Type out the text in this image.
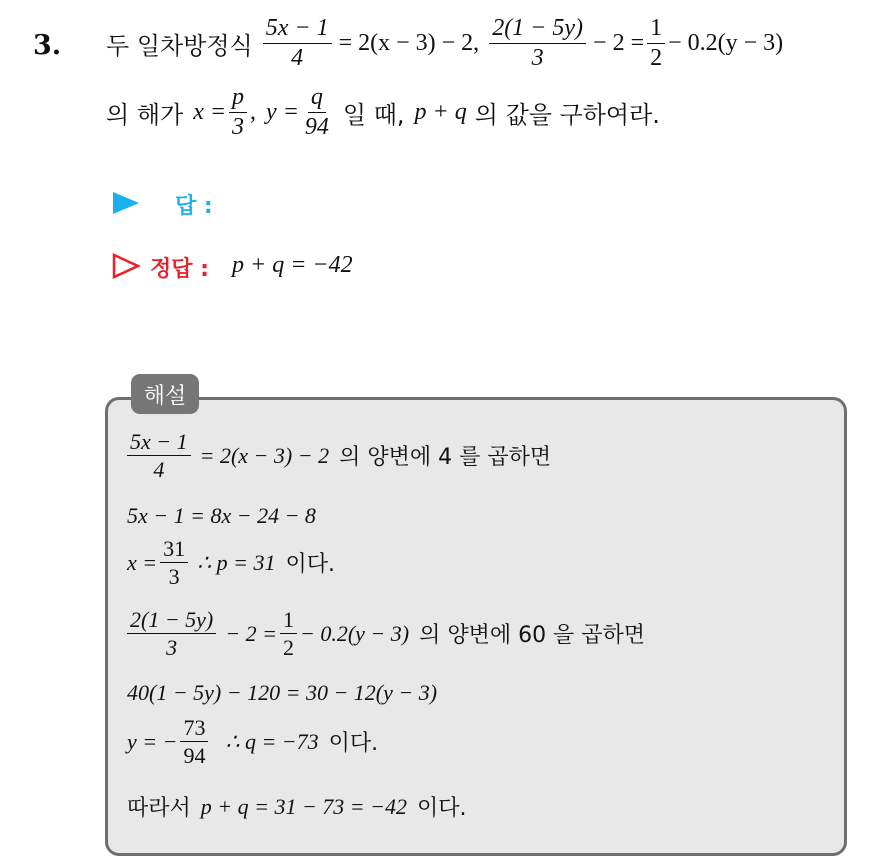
3. 두 일차방정식 $\frac{5x - 1}{4} = 2(x - 3) - 2$, $\frac{2(1 - 5y)}{3} - 2 = \frac{1}{2} - 0.2(y - 3)$
의 해가 $x = \frac{p}{3}$ , $y = \frac{q}{94}$ 일 때, p + q 의 값을 구하여라.
답 :
정답 : p + q = −42
해설
$\frac{5x - 1}{4} = 2(x - 3) - 2$ 의 양변에 4 를 곱하면
5x − 1 = 8x − 24 − 8
$x = \frac{31}{3}$ ∴ p = 31 이다.
$\frac{2(1 - 5y)}{3} - 2 = \frac{1}{2} - 0.2(y - 3)$ 의 양변에 60 을 곱하면
40(1 − 5y) − 120 = 30 − 12(y − 3)
y = − $\frac{73}{94}$ ∴ q = −73 이다.
따라서 p + q = 31 − 73 = −42 이다.
